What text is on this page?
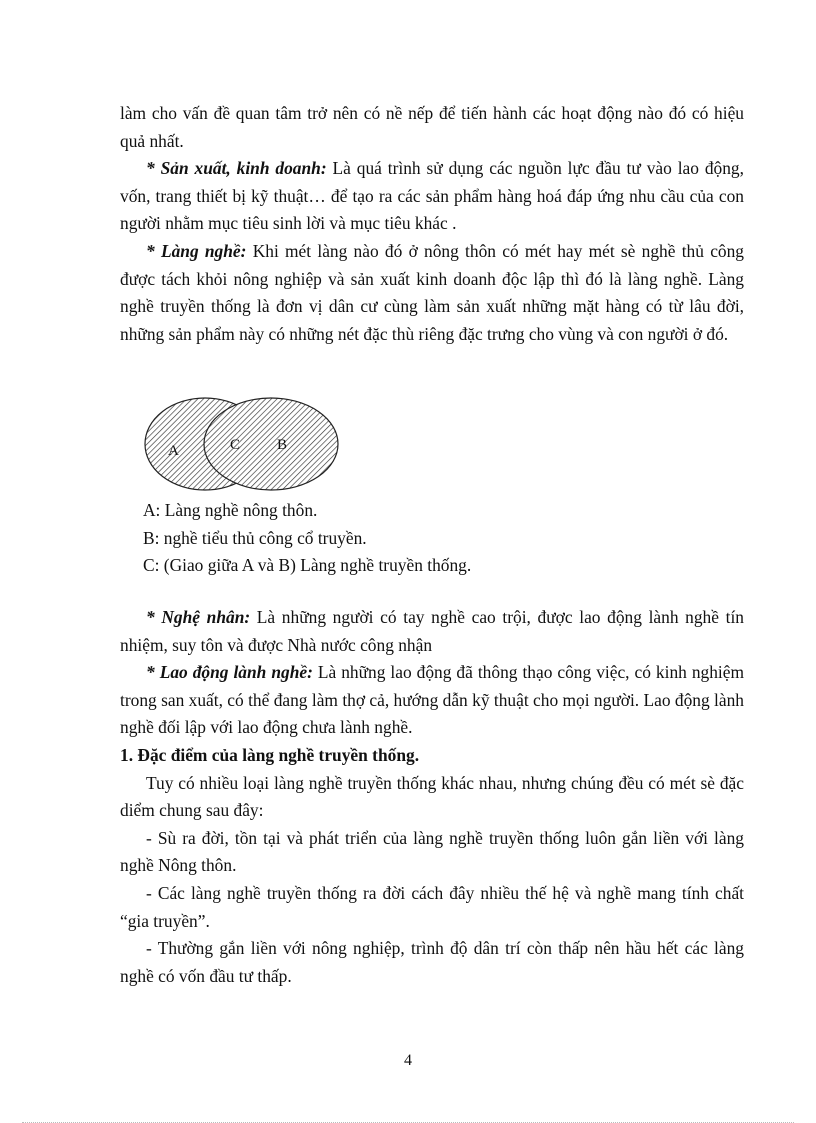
làm cho vấn đề quan tâm trở nên có nề nếp để tiến hành các hoạt động nào đó có hiệu quả nhất.

* Sản xuất, kinh doanh: Là quá trình sử dụng các nguồn lực đầu tư vào lao động, vốn, trang thiết bị kỹ thuật… để tạo ra các sản phẩm hàng hoá đáp ứng nhu cầu của con người nhằm mục tiêu sinh lời và mục tiêu khác .

* Làng nghề: Khi mét làng nào đó ở nông thôn có mét hay mét sè nghề thủ công được tách khỏi nông nghiệp và sản xuất kinh doanh độc lập thì đó là làng nghề. Làng nghề truyền thống là đơn vị dân cư cùng làm sản xuất những mặt hàng có từ lâu đời, những sản phẩm này có những nét đặc thù riêng đặc trưng cho vùng và con người ở đó.

A	C B

A: Làng nghề nông thôn.

B: nghề tiểu thủ công cổ truyền.

C: (Giao giữa A và B) Làng nghề truyền thống.

* Nghệ nhân: Là những người có tay nghề cao trội, được lao động lành nghề tín nhiệm, suy tôn và được Nhà nước công nhận

* Lao động lành nghề: Là những lao động đã thông thạo công việc, có kinh nghiệm trong san xuất, có thể đang làm thợ cả, hướng dẫn kỹ thuật cho mọi người. Lao động lành nghề đối lập với lao động chưa lành nghề.

1. Đặc điểm của làng nghề truyền thống.

Tuy có nhiều loại làng nghề truyền thống khác nhau, nhưng chúng đều có mét sè đặc diểm chung sau đây:

- Sù ra đời, tồn tại và phát triển của làng nghề truyền thống luôn gắn liền với làng nghề Nông thôn.

- Các làng nghề truyền thống ra đời cách đây nhiều thế hệ và nghề mang tính chất “gia truyền”.

- Thường gắn liền với nông nghiệp, trình độ dân trí còn thấp nên hầu hết các làng nghề có vốn đầu tư thấp.

4
